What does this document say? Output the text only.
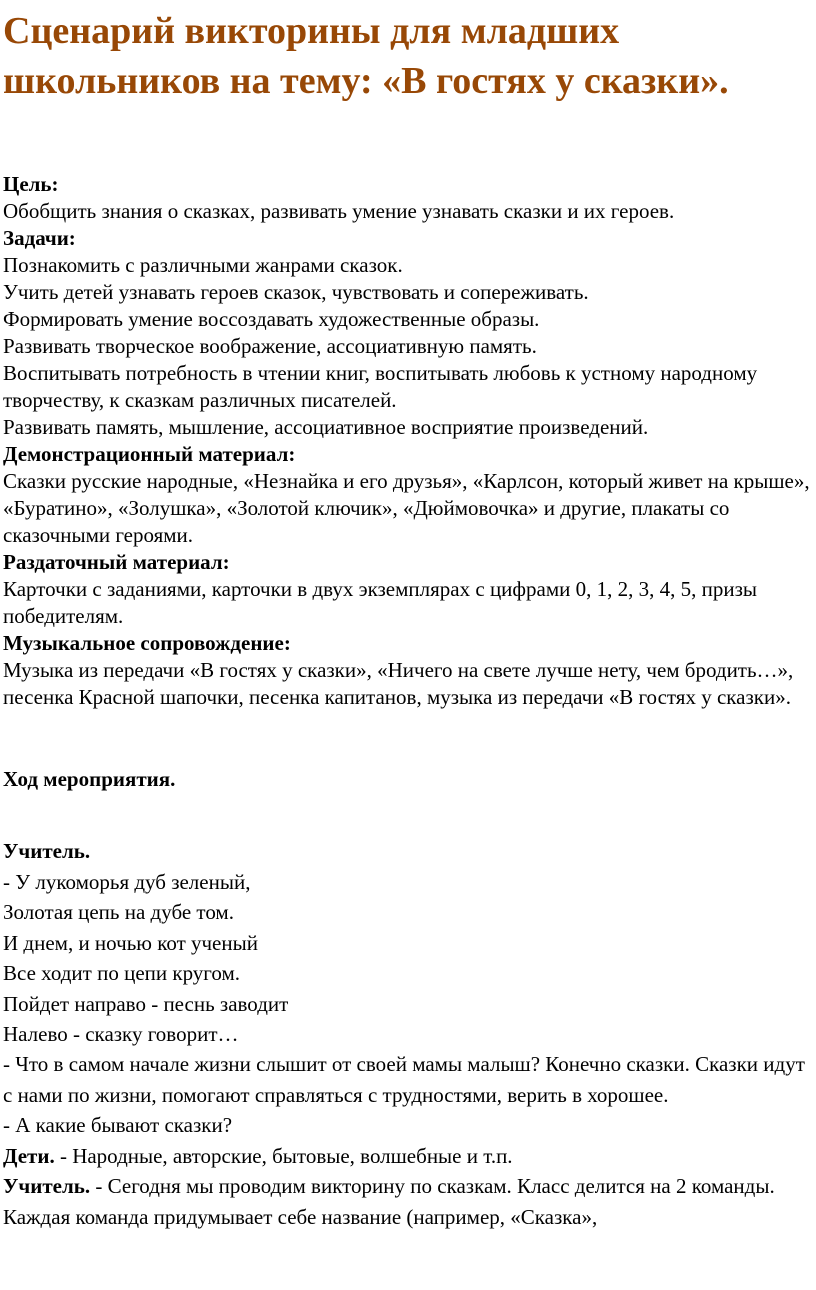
Сценарий викторины для младших школьников на тему: «В гостях у сказки».

Цель:

Обобщить знания о сказках, развивать умение узнавать сказки и их героев.

Задачи:

Познакомить с различными жанрами сказок.

Учить детей узнавать героев сказок, чувствовать и сопереживать.

Формировать умение воссоздавать художественные образы.

Развивать творческое воображение, ассоциативную память.

Воспитывать потребность в чтении книг, воспитывать любовь к устному народному творчеству, к сказкам различных писателей.

Развивать память, мышление, ассоциативное восприятие произведений.

Демонстрационный материал:

Сказки русские народные, «Незнайка и его друзья», «Карлсон, который живет на крыше», «Буратино», «Золушка», «Золотой ключик», «Дюймовочка» и другие, плакаты со сказочными героями.

Раздаточный материал:

Карточки с заданиями, карточки в двух экземплярах с цифрами 0, 1, 2, 3, 4, 5, призы победителям.

Музыкальное сопровождение:

Музыка из передачи «В гостях у сказки», «Ничего на свете лучше нету, чем бродить…», песенка Красной шапочки, песенка капитанов, музыка из передачи «В гостях у сказки».

Ход мероприятия.

Учитель.

- У лукоморья дуб зеленый,

Золотая цепь на дубе том.

И днем, и ночью кот ученый

Все ходит по цепи кругом.

Пойдет направо - песнь заводит

Налево - сказку говорит…

- Что в самом начале жизни слышит от своей мамы малыш? Конечно сказки. Сказки идут с нами по жизни, помогают справляться с трудностями, верить в хорошее.

- А какие бывают сказки?

Дети. - Народные, авторские, бытовые, волшебные и т.п.

Учитель. - Сегодня мы проводим викторину по сказкам. Класс делится на 2 команды. Каждая команда придумывает себе название (например, «Сказка»,
